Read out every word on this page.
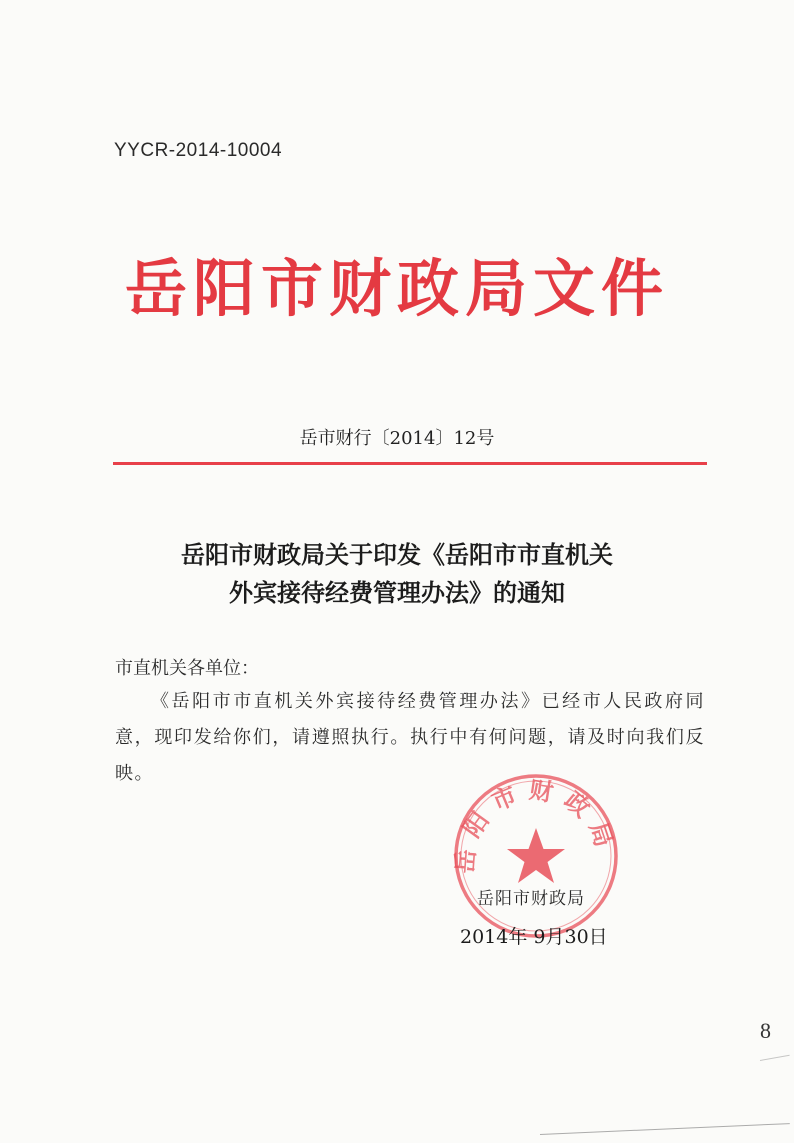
YYCR-2014-10004
岳阳市财政局文件
岳市财行〔2014〕12号
岳阳市财政局关于印发《岳阳市市直机关
外宾接待经费管理办法》的通知
市直机关各单位：
《岳阳市市直机关外宾接待经费管理办法》已经市人民政府同意，现印发给你们，请遵照执行。执行中有何问题，请及时向我们反映。
岳阳市财政局
岳阳市财政局
2014年 9月30日
8
